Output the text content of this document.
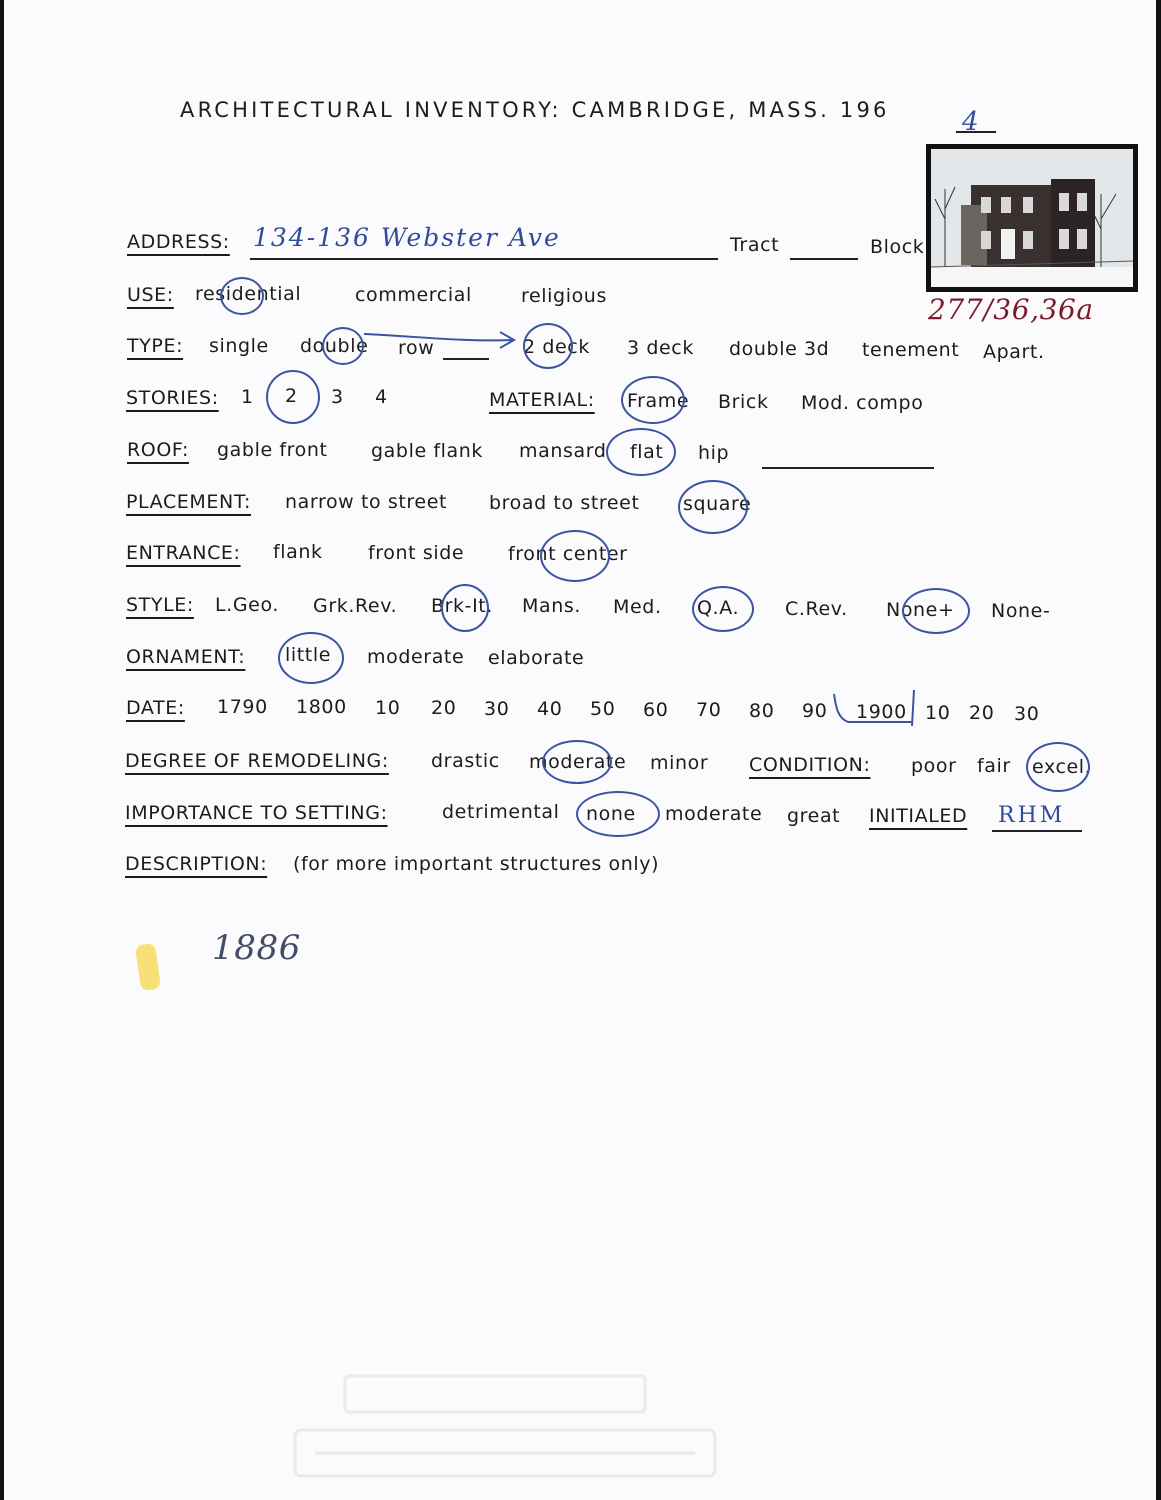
ARCHITECTURAL INVENTORY: CAMBRIDGE, MASS. 196	4
ADDRESS: 134-136 Webster Ave	Tract	Block
277/36,36a
USE: residential	commercial	religious
TYPE: single double row	2 deck 3 deck double 3d tenement Apart.
STORIES: 1 2 3 4	MATERIAL: Frame Brick Mod. compo
ROOF: gable front gable flank mansard flat hip
PLACEMENT: narrow to street broad to street square
ENTRANCE: flank front side front center
STYLE: L.Geo. Grk.Rev. Brk-It. Mans. Med. Q.A. C.Rev. None+ None-
ORNAMENT: little moderate elaborate
DATE: 1790 1800 10 20 30 40 50 60 70 80 90 1900 10 20 30
DEGREE OF REMODELING: drastic moderate minor CONDITION: poor fair excel.
IMPORTANCE TO SETTING:	detrimental none moderate great INITIALED RHM
DESCRIPTION: (for more important structures only)
1886
